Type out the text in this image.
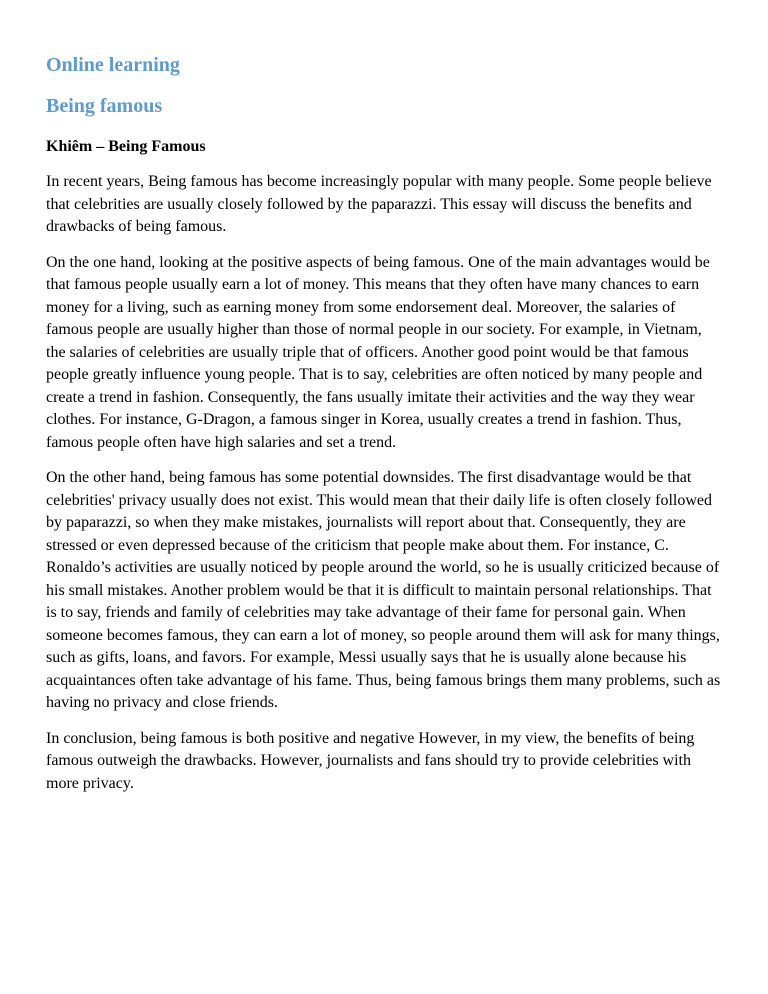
Online learning
Being famous

Khiêm – Being Famous

In recent years, Being famous has become increasingly popular with many people. Some people believe that celebrities are usually closely followed by the paparazzi. This essay will discuss the benefits and drawbacks of being famous.

On the one hand, looking at the positive aspects of being famous. One of the main advantages would be that famous people usually earn a lot of money. This means that they often have many chances to earn money for a living, such as earning money from some endorsement deal. Moreover, the salaries of famous people are usually higher than those of normal people in our society. For example, in Vietnam, the salaries of celebrities are usually triple that of officers. Another good point would be that famous people greatly influence young people. That is to say, celebrities are often noticed by many people and create a trend in fashion. Consequently, the fans usually imitate their activities and the way they wear clothes. For instance, G-Dragon, a famous singer in Korea, usually creates a trend in fashion. Thus, famous people often have high salaries and set a trend.

On the other hand, being famous has some potential downsides. The first disadvantage would be that celebrities' privacy usually does not exist. This would mean that their daily life is often closely followed by paparazzi, so when they make mistakes, journalists will report about that. Consequently, they are stressed or even depressed because of the criticism that people make about them. For instance, C. Ronaldo’s activities are usually noticed by people around the world, so he is usually criticized because of his small mistakes. Another problem would be that it is difficult to maintain personal relationships. That is to say, friends and family of celebrities may take advantage of their fame for personal gain. When someone becomes famous, they can earn a lot of money, so people around them will ask for many things, such as gifts, loans, and favors. For example, Messi usually says that he is usually alone because his acquaintances often take advantage of his fame. Thus, being famous brings them many problems, such as having no privacy and close friends.

In conclusion, being famous is both positive and negative However, in my view, the benefits of being famous outweigh the drawbacks. However, journalists and fans should try to provide celebrities with more privacy.
